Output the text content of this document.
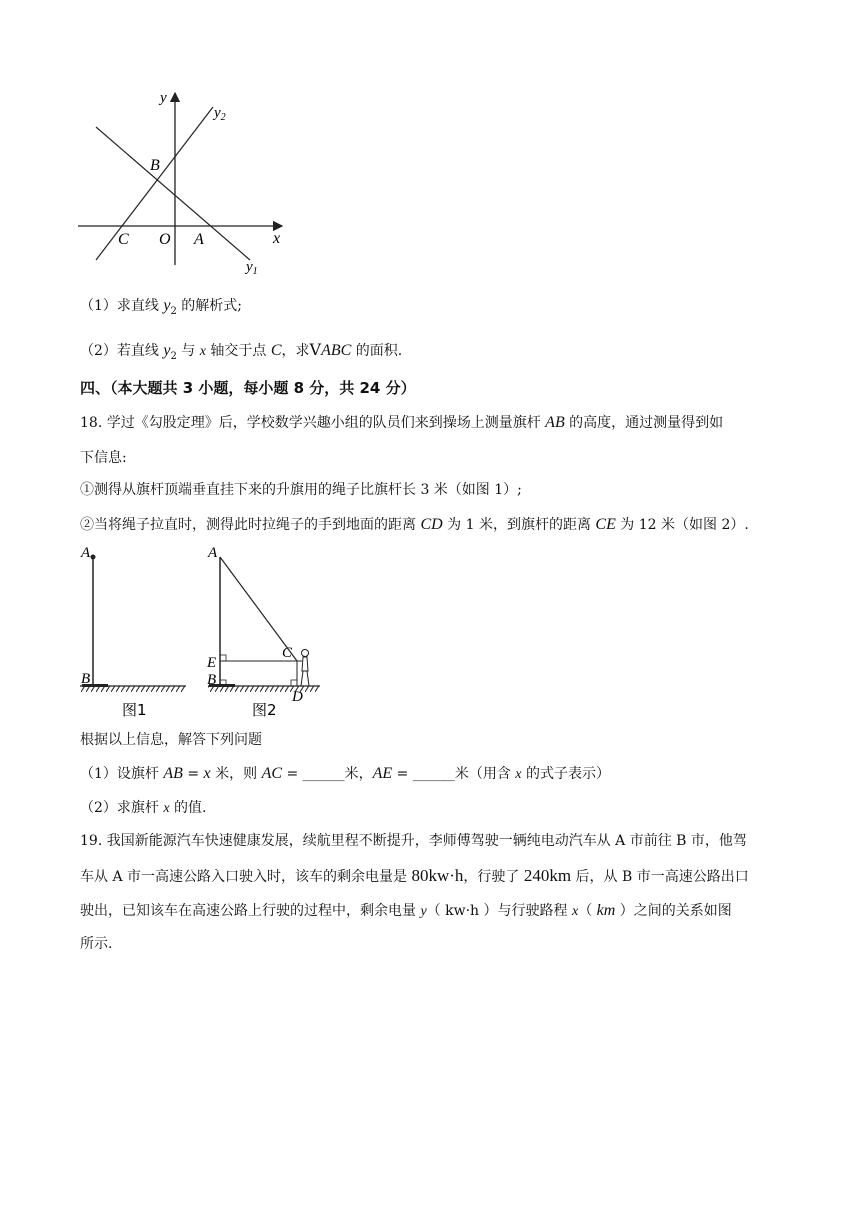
y
$y_2$
$y_1$
x
B
C O A
（1）求直线 $y_2$ 的解析式;
（2）若直线 $y_2$ 与 x 轴交于点 C，求VABC 的面积.
四、（本大题共 3 小题，每小题 8 分，共 24 分）
18. 学过《勾股定理》后，学校数学兴趣小组的队员们来到操场上测量旗杆 AB 的高度，通过测量得到如
下信息:
①测得从旗杆顶端垂直挂下来的升旗用的绳子比旗杆长 3 米（如图 1）;
②当将绳子拉直时，测得此时拉绳子的手到地面的距离 CD 为 1 米，到旗杆的距离 CE 为 12 米（如图 2）.
A
B
图1
A
E
B
C
D
图2
根据以上信息，解答下列问题
（1）设旗杆 AB = x 米，则 AC = ______米，AE = ______米（用含 x 的式子表示）
（2）求旗杆 x 的值.
19. 我国新能源汽车快速健康发展，续航里程不断提升，李师傅驾驶一辆纯电动汽车从 A 市前往 B 市，他驾
车从 A 市一高速公路入口驶入时，该车的剩余电量是 80kw·h，行驶了 240km 后，从 B 市一高速公路出口
驶出，已知该车在高速公路上行驶的过程中，剩余电量 y（ kw·h ）与行驶路程 x（ km ）之间的关系如图
所示.
